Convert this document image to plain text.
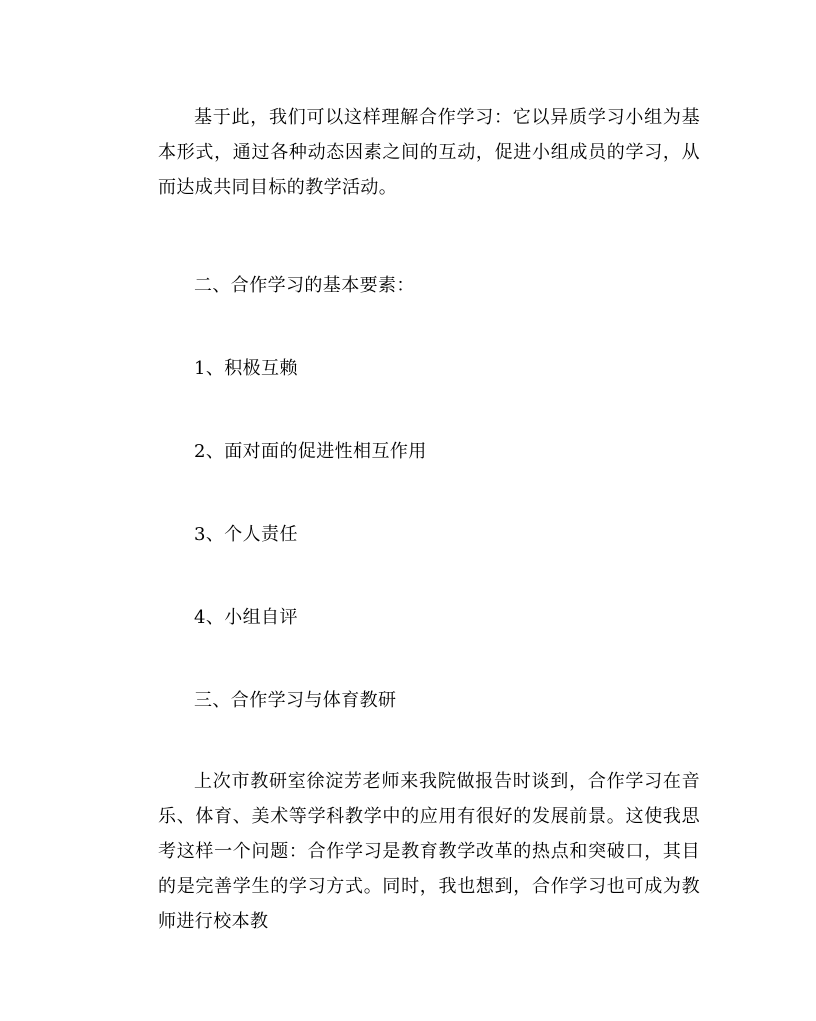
基于此，我们可以这样理解合作学习：它以异质学习小组为基本形式，通过各种动态因素之间的互动，促进小组成员的学习，从而达成共同目标的教学活动。

二、合作学习的基本要素：

1、积极互赖

2、面对面的促进性相互作用

3、个人责任

4、小组自评

三、合作学习与体育教研

上次市教研室徐淀芳老师来我院做报告时谈到，合作学习在音乐、体育、美术等学科教学中的应用有很好的发展前景。这使我思考这样一个问题：合作学习是教育教学改革的热点和突破口，其目的是完善学生的学习方式。同时，我也想到，合作学习也可成为教师进行校本教
